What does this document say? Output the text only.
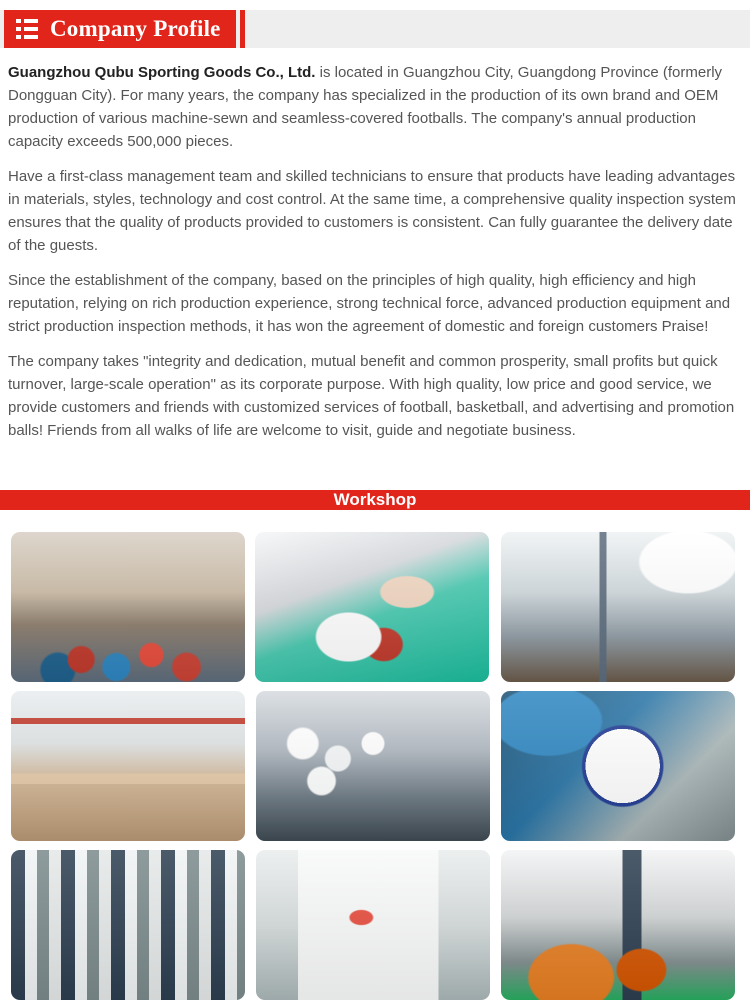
Company Profile

Guangzhou Qubu Sporting Goods Co., Ltd. is located in Guangzhou City, Guangdong Province (formerly Dongguan City). For many years, the company has specialized in the production of its own brand and OEM production of various machine-sewn and seamless-covered footballs. The company's annual production capacity exceeds 500,000 pieces.

Have a first-class management team and skilled technicians to ensure that products have leading advantages in materials, styles, technology and cost control. At the same time, a comprehensive quality inspection system ensures that the quality of products provided to customers is consistent. Can fully guarantee the delivery date of the guests.

Since the establishment of the company, based on the principles of high quality, high efficiency and high reputation, relying on rich production experience, strong technical force, advanced production equipment and strict production inspection methods, it has won the agreement of domestic and foreign customers Praise!

The company takes "integrity and dedication, mutual benefit and common prosperity, small profits but quick turnover, large-scale operation" as its corporate purpose. With high quality, low price and good service, we provide customers and friends with customized services of football, basketball, and advertising and promotion balls! Friends from all walks of life are welcome to visit, guide and negotiate business.

Workshop
